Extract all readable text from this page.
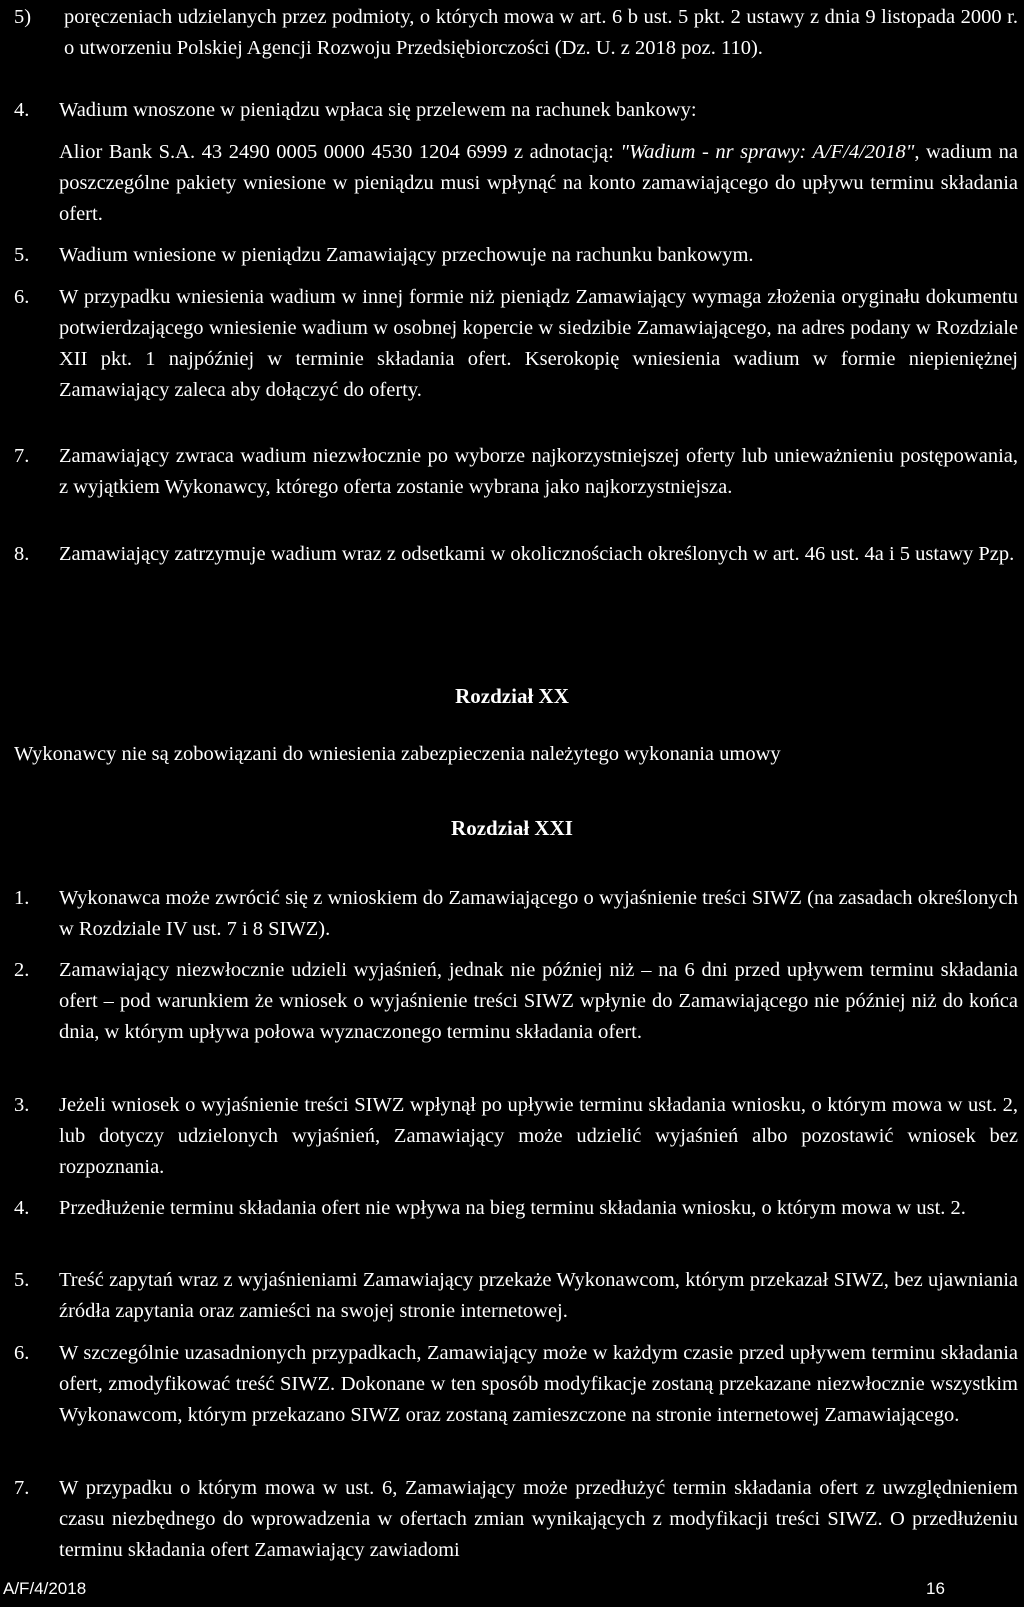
5) poręczeniach udzielanych przez podmioty, o których mowa w art. 6 b ust. 5 pkt. 2 ustawy z dnia 9 listopada 2000 r. o utworzeniu Polskiej Agencji Rozwoju Przedsiębiorczości (Dz. U. z 2018 poz. 110).
4. Wadium wnoszone w pieniądzu wpłaca się przelewem na rachunek bankowy:
Alior Bank S.A. 43 2490 0005 0000 4530 1204 6999 z adnotacją: "Wadium - nr sprawy: A/F/4/2018", wadium na poszczególne pakiety wniesione w pieniądzu musi wpłynąć na konto zamawiającego do upływu terminu składania ofert.
5. Wadium wniesione w pieniądzu Zamawiający przechowuje na rachunku bankowym.
6. W przypadku wniesienia wadium w innej formie niż pieniądz Zamawiający wymaga złożenia oryginału dokumentu potwierdzającego wniesienie wadium w osobnej kopercie w siedzibie Zamawiającego, na adres podany w Rozdziale XII pkt. 1 najpóźniej w terminie składania ofert. Kserokopię wniesienia wadium w formie niepieniężnej Zamawiający zaleca aby dołączyć do oferty.
7. Zamawiający zwraca wadium niezwłocznie po wyborze najkorzystniejszej oferty lub unieważnieniu postępowania, z wyjątkiem Wykonawcy, którego oferta zostanie wybrana jako najkorzystniejsza.
8. Zamawiający zatrzymuje wadium wraz z odsetkami w okolicznościach określonych w art. 46 ust. 4a i 5 ustawy Pzp.
Rozdział XX
Wykonawcy nie są zobowiązani do wniesienia zabezpieczenia należytego wykonania umowy
Rozdział XXI
1. Wykonawca może zwrócić się z wnioskiem do Zamawiającego o wyjaśnienie treści SIWZ (na zasadach określonych w Rozdziale IV ust. 7 i 8 SIWZ).
2. Zamawiający niezwłocznie udzieli wyjaśnień, jednak nie później niż – na 6 dni przed upływem terminu składania ofert – pod warunkiem że wniosek o wyjaśnienie treści SIWZ wpłynie do Zamawiającego nie później niż do końca dnia, w którym upływa połowa wyznaczonego terminu składania ofert.
3. Jeżeli wniosek o wyjaśnienie treści SIWZ wpłynął po upływie terminu składania wniosku, o którym mowa w ust. 2, lub dotyczy udzielonych wyjaśnień, Zamawiający może udzielić wyjaśnień albo pozostawić wniosek bez rozpoznania.
4. Przedłużenie terminu składania ofert nie wpływa na bieg terminu składania wniosku, o którym mowa w ust. 2.
5. Treść zapytań wraz z wyjaśnieniami Zamawiający przekaże Wykonawcom, którym przekazał SIWZ, bez ujawniania źródła zapytania oraz zamieści na swojej stronie internetowej.
6. W szczególnie uzasadnionych przypadkach, Zamawiający może w każdym czasie przed upływem terminu składania ofert, zmodyfikować treść SIWZ. Dokonane w ten sposób modyfikacje zostaną przekazane niezwłocznie wszystkim Wykonawcom, którym przekazano SIWZ oraz zostaną zamieszczone na stronie internetowej Zamawiającego.
7. W przypadku o którym mowa w ust. 6, Zamawiający może przedłużyć termin składania ofert z uwzględnieniem czasu niezbędnego do wprowadzenia w ofertach zmian wynikających z modyfikacji treści SIWZ. O przedłużeniu terminu składania ofert Zamawiający zawiadomi
A/F/4/2018	16
